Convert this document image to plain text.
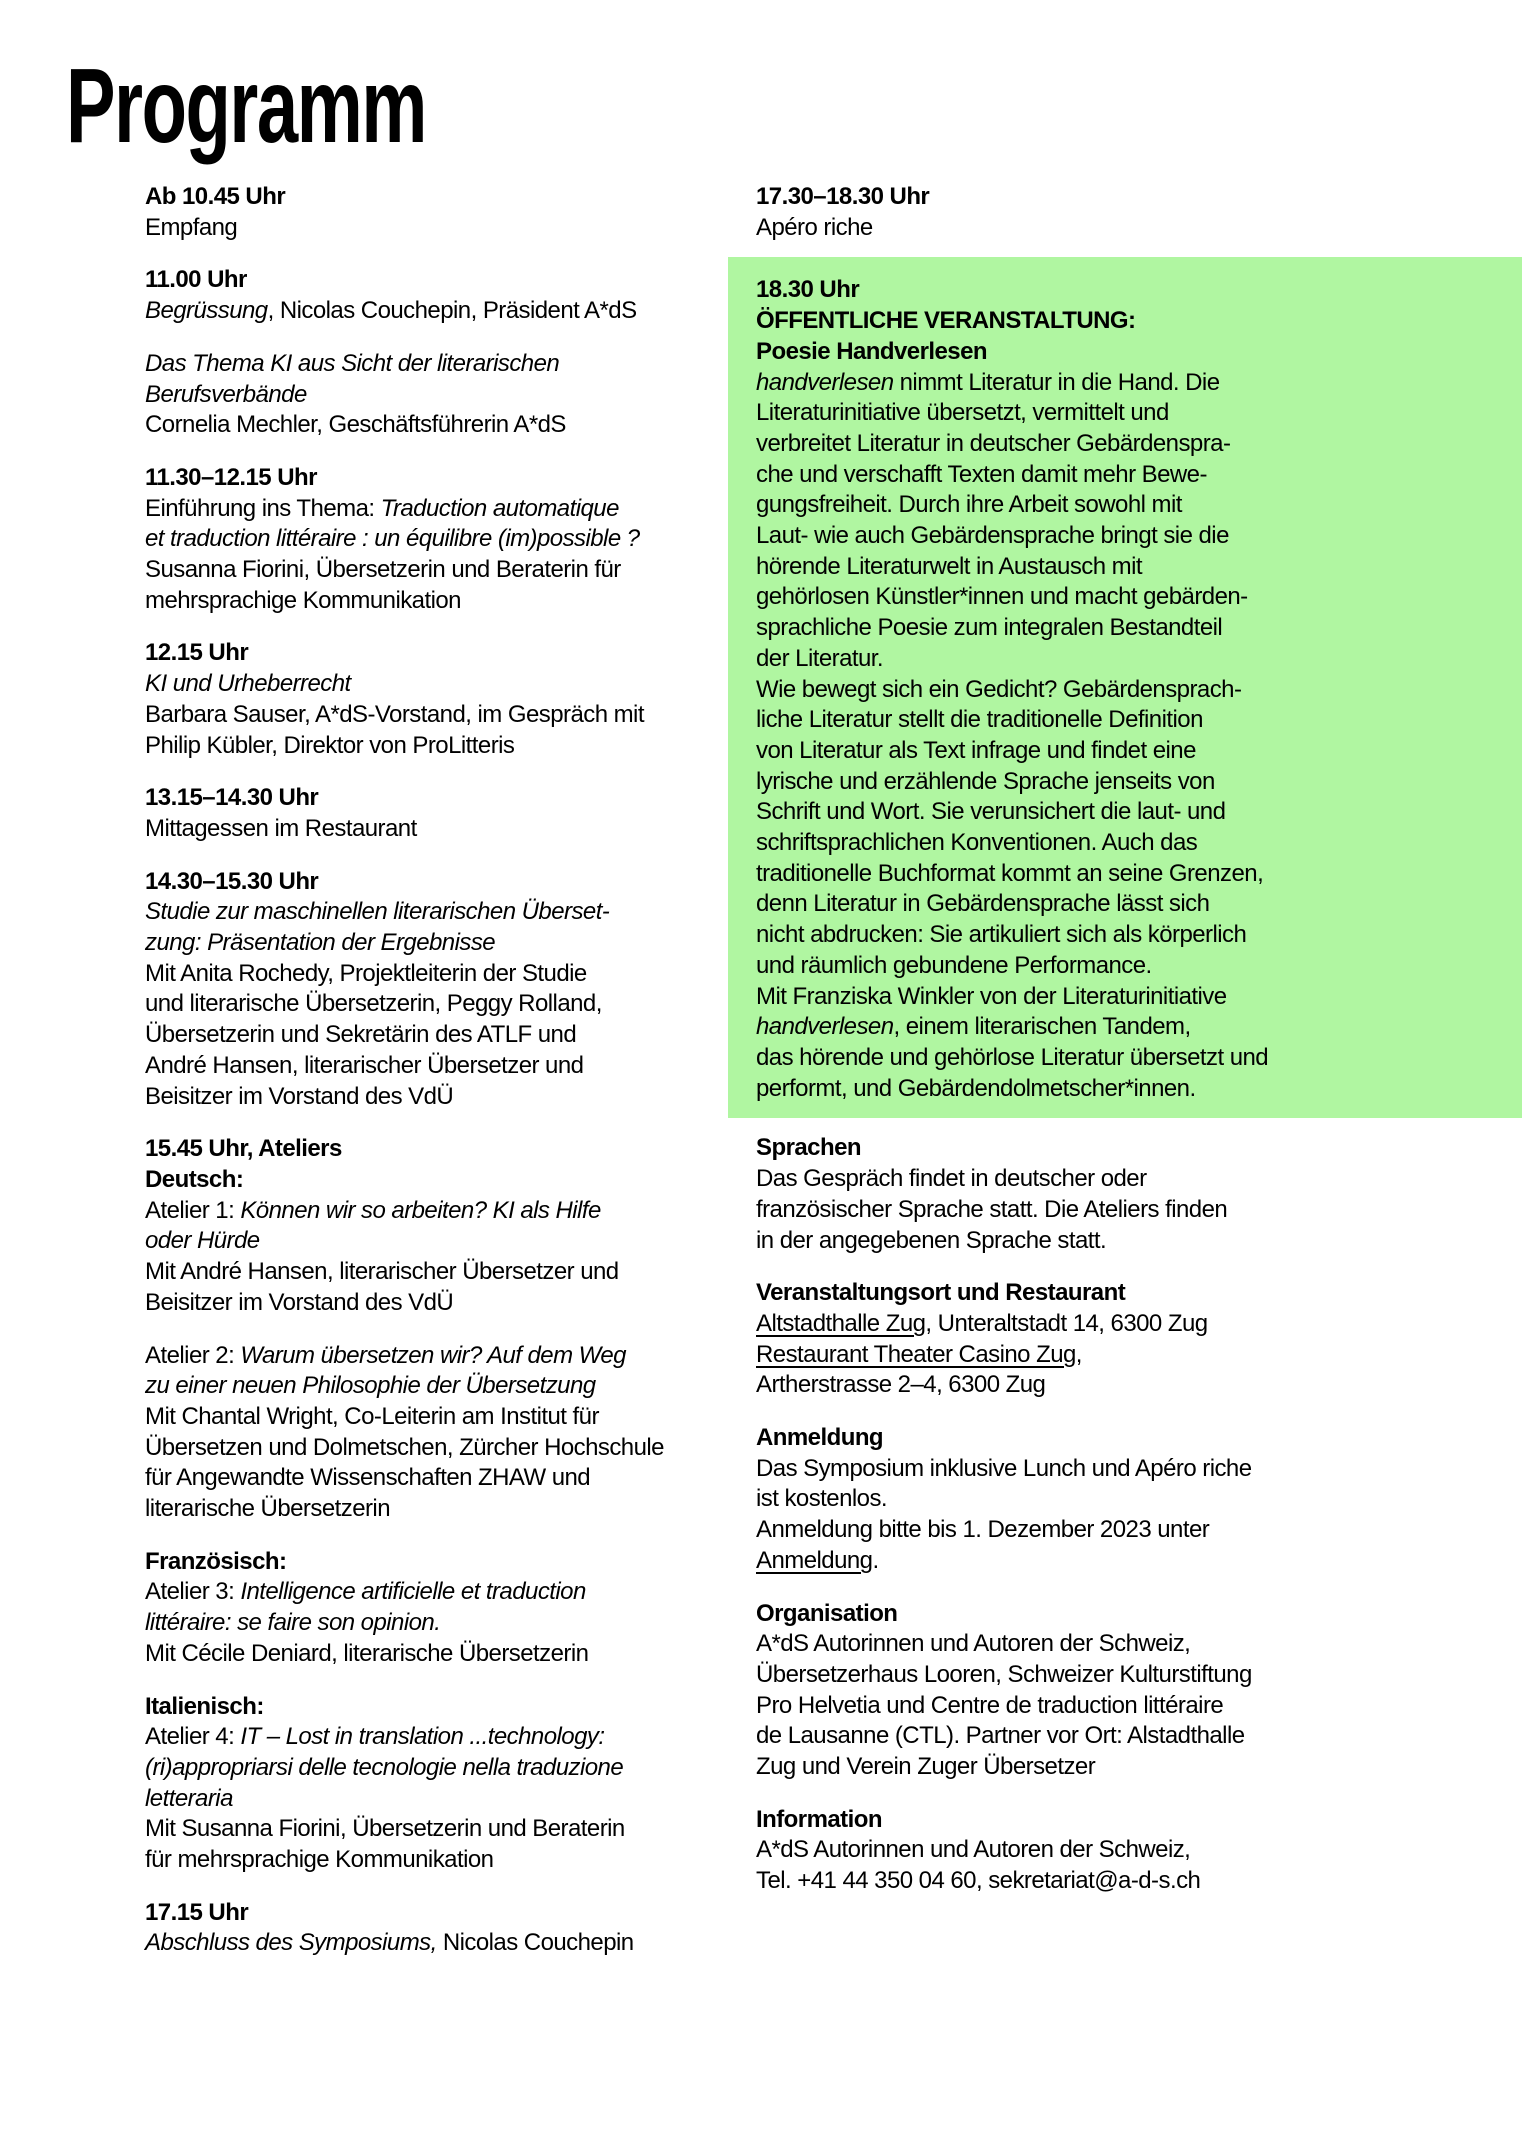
Programm
Ab 10.45 Uhr
Empfang
11.00 Uhr
Begrüssung, Nicolas Couchepin, Präsident A*dS
Das Thema KI aus Sicht der literarischen
Berufsverbände
Cornelia Mechler, Geschäftsführerin A*dS
11.30–12.15 Uhr
Einführung ins Thema: Traduction automatique
et traduction littéraire : un équilibre (im)possible ?
Susanna Fiorini, Übersetzerin und Beraterin für
mehrsprachige Kommunikation
12.15 Uhr
KI und Urheberrecht
Barbara Sauser, A*dS-Vorstand, im Gespräch mit
Philip Kübler, Direktor von ProLitteris
13.15–14.30 Uhr
Mittagessen im Restaurant
14.30–15.30 Uhr
Studie zur maschinellen literarischen Überset-
zung: Präsentation der Ergebnisse
Mit Anita Rochedy, Projektleiterin der Studie
und literarische Übersetzerin, Peggy Rolland,
Übersetzerin und Sekretärin des ATLF und
André Hansen, literarischer Übersetzer und
Beisitzer im Vorstand des VdÜ
15.45 Uhr, Ateliers
Deutsch:
Atelier 1: Können wir so arbeiten? KI als Hilfe
oder Hürde
Mit André Hansen, literarischer Übersetzer und
Beisitzer im Vorstand des VdÜ
Atelier 2: Warum übersetzen wir? Auf dem Weg
zu einer neuen Philosophie der Übersetzung
Mit Chantal Wright, Co-Leiterin am Institut für
Übersetzen und Dolmetschen, Zürcher Hochschule
für Angewandte Wissenschaften ZHAW und
literarische Übersetzerin
Französisch:
Atelier 3: Intelligence artificielle et traduction
littéraire: se faire son opinion.
Mit Cécile Deniard, literarische Übersetzerin
Italienisch:
Atelier 4: IT – Lost in translation ...technology:
(ri)appropriarsi delle tecnologie nella traduzione
letteraria
Mit Susanna Fiorini, Übersetzerin und Beraterin
für mehrsprachige Kommunikation
17.15 Uhr
Abschluss des Symposiums, Nicolas Couchepin
17.30–18.30 Uhr
Apéro riche
18.30 Uhr
ÖFFENTLICHE VERANSTALTUNG:
Poesie Handverlesen
handverlesen nimmt Literatur in die Hand. Die
Literaturinitiative übersetzt, vermittelt und
verbreitet Literatur in deutscher Gebärdenspra-
che und verschafft Texten damit mehr Bewe-
gungsfreiheit. Durch ihre Arbeit sowohl mit
Laut- wie auch Gebärdensprache bringt sie die
hörende Literaturwelt in Austausch mit
gehörlosen Künstler*innen und macht gebärden-
sprachliche Poesie zum integralen Bestandteil
der Literatur.
Wie bewegt sich ein Gedicht? Gebärdensprach-
liche Literatur stellt die traditionelle Definition
von Literatur als Text infrage und findet eine
lyrische und erzählende Sprache jenseits von
Schrift und Wort. Sie verunsichert die laut- und
schriftsprachlichen Konventionen. Auch das
traditionelle Buchformat kommt an seine Grenzen,
denn Literatur in Gebärdensprache lässt sich
nicht abdrucken: Sie artikuliert sich als körperlich
und räumlich gebundene Performance.
Mit Franziska Winkler von der Literaturinitiative
handverlesen, einem literarischen Tandem,
das hörende und gehörlose Literatur übersetzt und
performt, und Gebärdendolmetscher*innen.
Sprachen
Das Gespräch findet in deutscher oder
französischer Sprache statt. Die Ateliers finden
in der angegebenen Sprache statt.
Veranstaltungsort und Restaurant
Altstadthalle Zug, Unteraltstadt 14, 6300 Zug
Restaurant Theater Casino Zug,
Artherstrasse 2–4, 6300 Zug
Anmeldung
Das Symposium inklusive Lunch und Apéro riche
ist kostenlos.
Anmeldung bitte bis 1. Dezember 2023 unter
Anmeldung.
Organisation
A*dS Autorinnen und Autoren der Schweiz,
Übersetzerhaus Looren, Schweizer Kulturstiftung
Pro Helvetia und Centre de traduction littéraire
de Lausanne (CTL). Partner vor Ort: Alstadthalle
Zug und Verein Zuger Übersetzer
Information
A*dS Autorinnen und Autoren der Schweiz,
Tel. +41 44 350 04 60, sekretariat@a-d-s.ch
